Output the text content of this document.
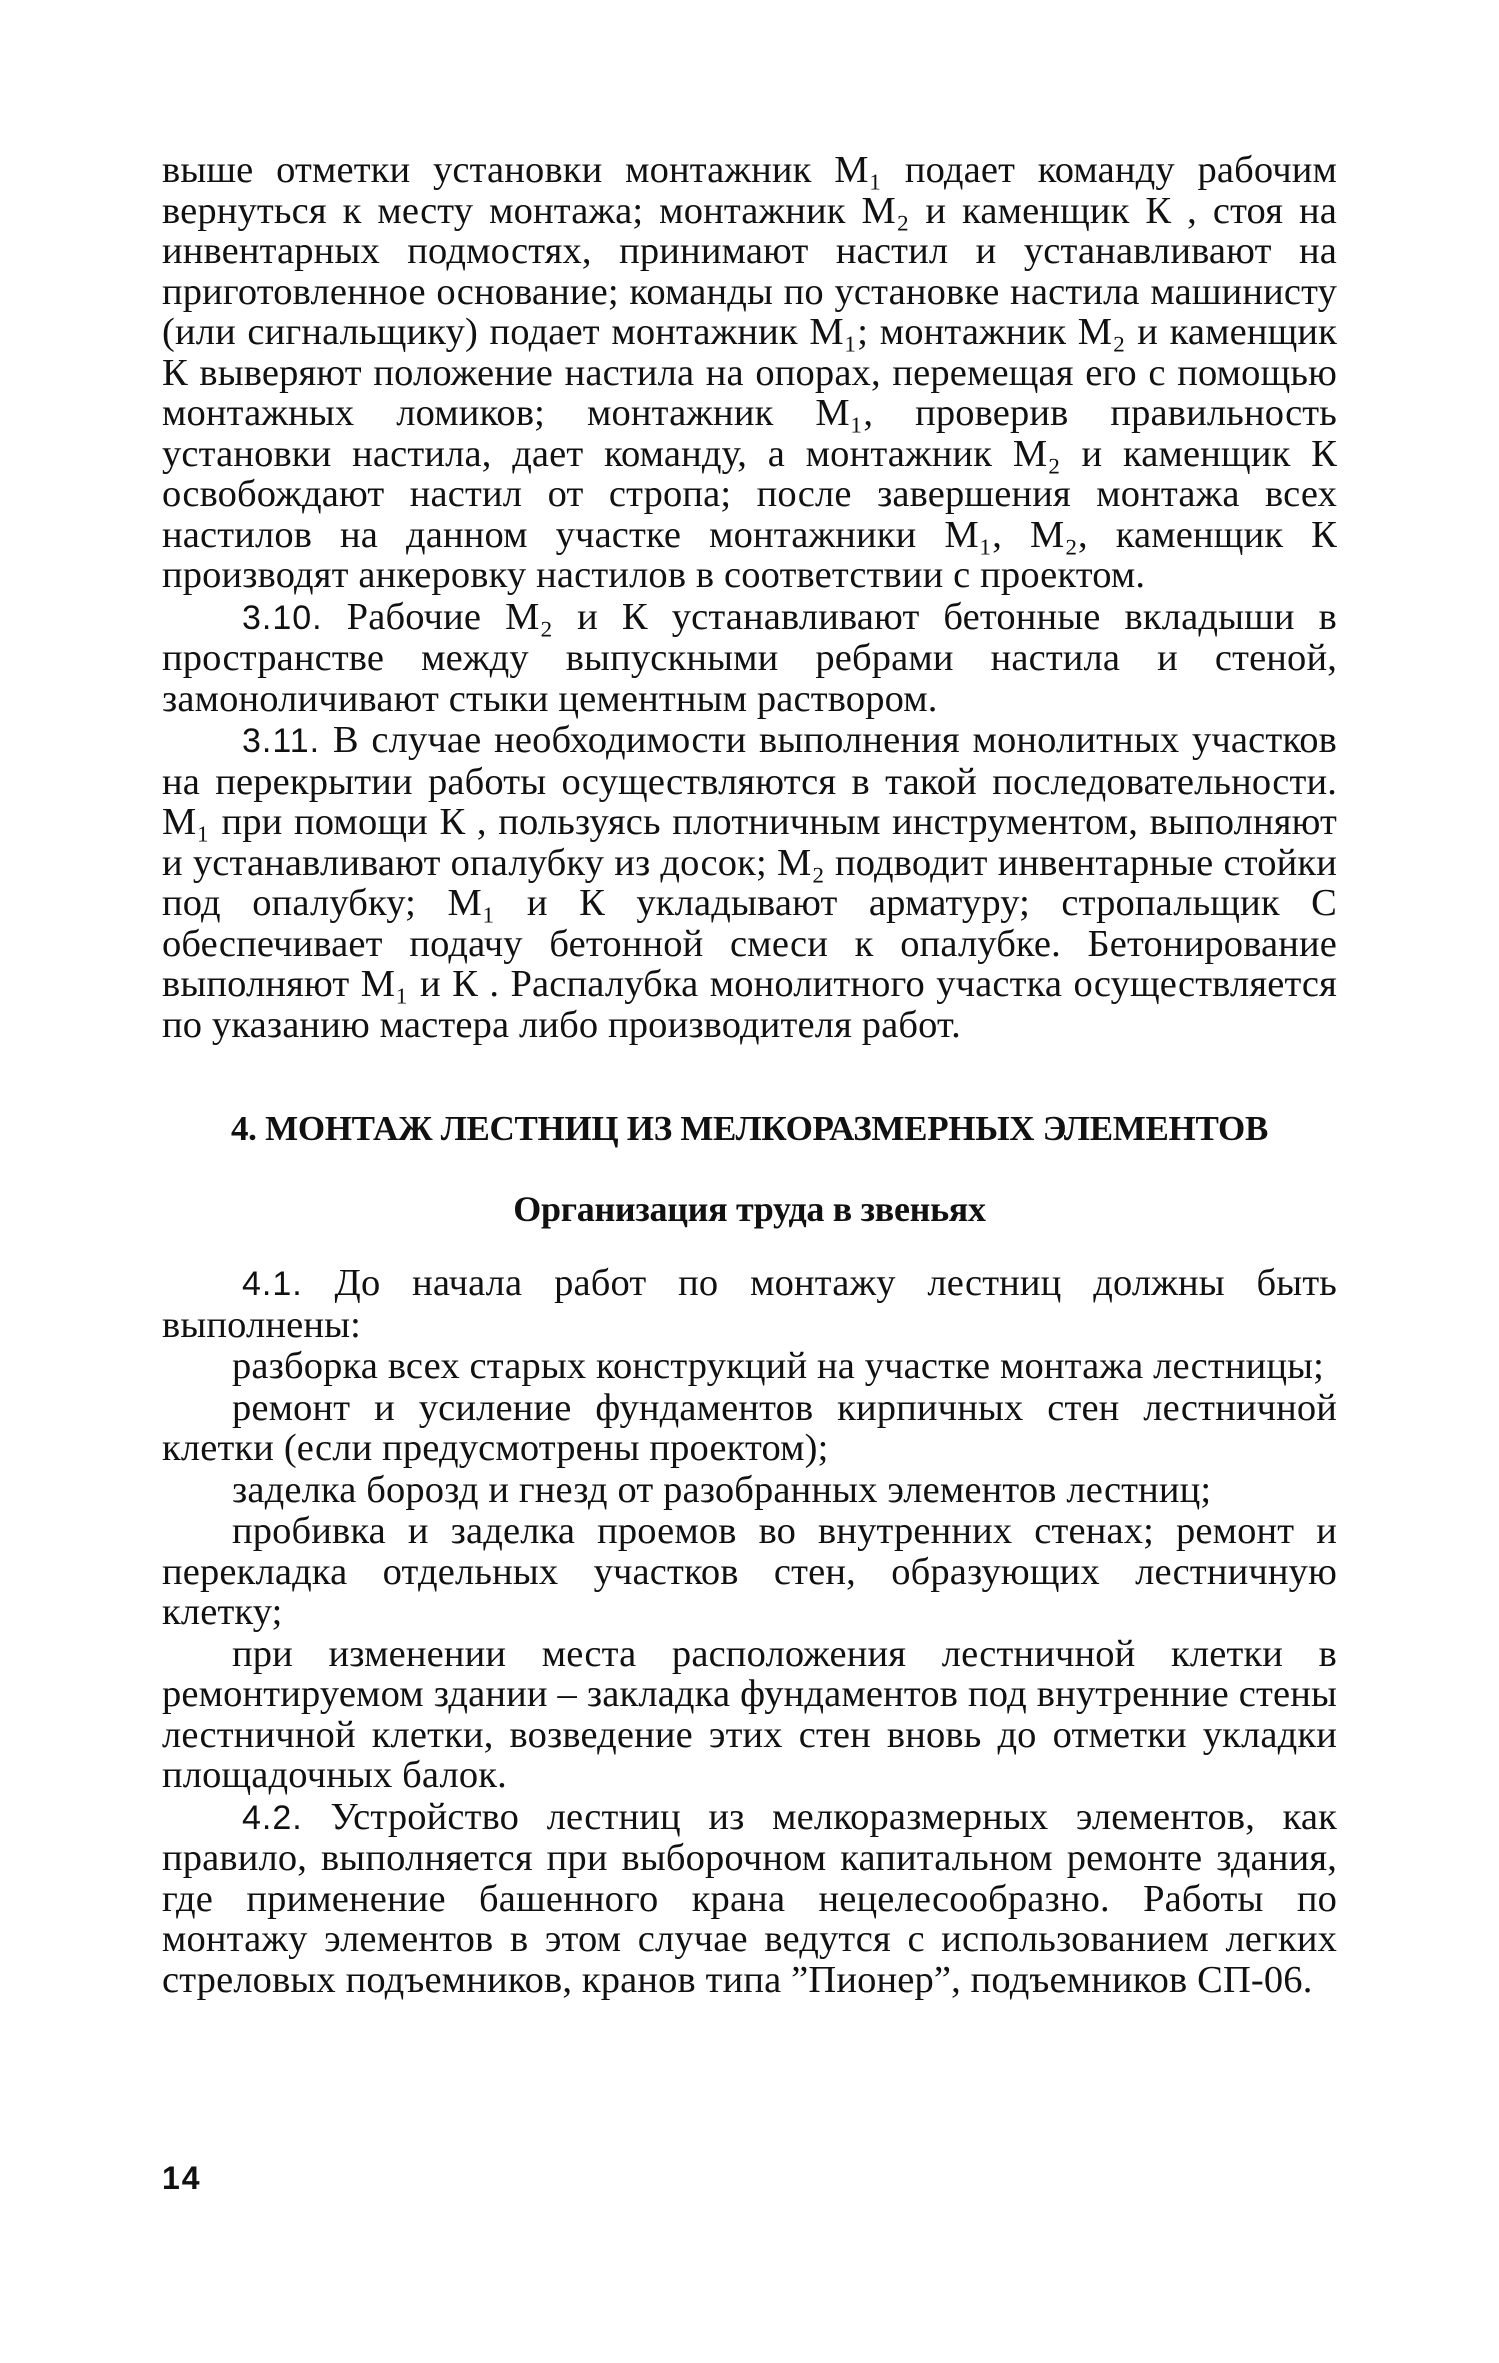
выше отметки установки монтажник М₁ подает команду рабочим вернуться к месту монтажа; монтажник М₂ и каменщик К , стоя на инвентарных подмостях, принимают настил и устанавливают на приготовленное основание; команды по установке настила машинисту (или сигнальщику) подает монтажник М₁; монтажник М₂ и каменщик К выверяют положение настила на опорах, перемещая его с помощью монтажных ломиков; монтажник М₁, проверив правильность установки настила, дает команду, а монтажник М₂ и каменщик К освобождают настил от стропа; после завершения монтажа всех настилов на данном участке монтажники М₁, М₂, каменщик К производят анкеровку настилов в соответствии с проектом.

3.10. Рабочие М₂ и К устанавливают бетонные вкладыши в пространстве между выпускными ребрами настила и стеной, замоноличивают стыки цементным раствором.

3.11. В случае необходимости выполнения монолитных участков на перекрытии работы осуществляются в такой последовательности. М₁ при помощи К , пользуясь плотничным инструментом, выполняют и устанавливают опалубку из досок; М₂ подводит инвентарные стойки под опалубку; М₁ и К укладывают арматуру; стропальщик С обеспечивает подачу бетонной смеси к опалубке. Бетонирование выполняют М₁ и К . Распалубка монолитного участка осуществляется по указанию мастера либо производителя работ.

4. МОНТАЖ ЛЕСТНИЦ ИЗ МЕЛКОРАЗМЕРНЫХ ЭЛЕМЕНТОВ
Организация труда в звеньях

4.1. До начала работ по монтажу лестниц должны быть выполнены:

разборка всех старых конструкций на участке монтажа лестницы;

ремонт и усиление фундаментов кирпичных стен лестничной клетки (если предусмотрены проектом);

заделка борозд и гнезд от разобранных элементов лестниц;

пробивка и заделка проемов во внутренних стенах; ремонт и перекладка отдельных участков стен, образующих лестничную клетку;

при изменении места расположения лестничной клетки в ремонтируемом здании – закладка фундаментов под внутренние стены лестничной клетки, возведение этих стен вновь до отметки укладки площадочных балок.

4.2. Устройство лестниц из мелкоразмерных элементов, как правило, выполняется при выборочном капитальном ремонте здания, где применение башенного крана нецелесообразно. Работы по монтажу элементов в этом случае ведутся с использованием легких стреловых подъемников, кранов типа ”Пионер”, подъемников СП-06.

14
